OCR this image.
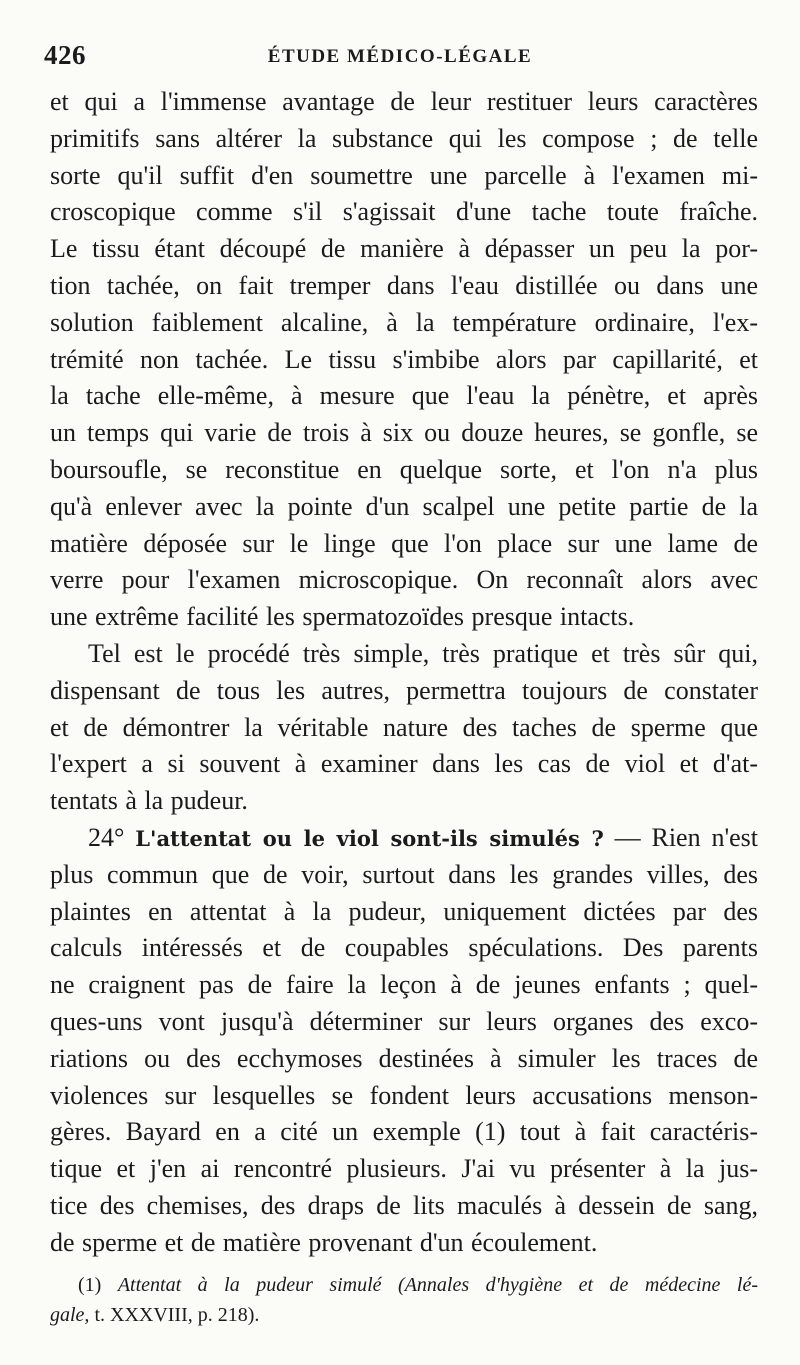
426	ÉTUDE MÉDICO-LÉGALE
et qui a l'immense avantage de leur restituer leurs caractères
primitifs sans altérer la substance qui les compose ; de telle
sorte qu'il suffit d'en soumettre une parcelle à l'examen mi-
croscopique comme s'il s'agissait d'une tache toute fraîche.
Le tissu étant découpé de manière à dépasser un peu la por-
tion tachée, on fait tremper dans l'eau distillée ou dans une
solution faiblement alcaline, à la température ordinaire, l'ex-
trémité non tachée. Le tissu s'imbibe alors par capillarité, et
la tache elle-même, à mesure que l'eau la pénètre, et après
un temps qui varie de trois à six ou douze heures, se gonfle, se
boursoufle, se reconstitue en quelque sorte, et l'on n'a plus
qu'à enlever avec la pointe d'un scalpel une petite partie de la
matière déposée sur le linge que l'on place sur une lame de
verre pour l'examen microscopique. On reconnaît alors avec
une extrême facilité les spermatozoïdes presque intacts.
Tel est le procédé très simple, très pratique et très sûr qui,
dispensant de tous les autres, permettra toujours de constater
et de démontrer la véritable nature des taches de sperme que
l'expert a si souvent à examiner dans les cas de viol et d'at-
tentats à la pudeur.
24° L'attentat ou le viol sont-ils simulés ? — Rien n'est
plus commun que de voir, surtout dans les grandes villes, des
plaintes en attentat à la pudeur, uniquement dictées par des
calculs intéressés et de coupables spéculations. Des parents
ne craignent pas de faire la leçon à de jeunes enfants ; quel-
ques-uns vont jusqu'à déterminer sur leurs organes des exco-
riations ou des ecchymoses destinées à simuler les traces de
violences sur lesquelles se fondent leurs accusations menson-
gères. Bayard en a cité un exemple (1) tout à fait caractéris-
tique et j'en ai rencontré plusieurs. J'ai vu présenter à la jus-
tice des chemises, des draps de lits maculés à dessein de sang,
de sperme et de matière provenant d'un écoulement.
(1) Attentat à la pudeur simulé (Annales d'hygiène et de médecine lé-
gale, t. XXXVIII, p. 218).
